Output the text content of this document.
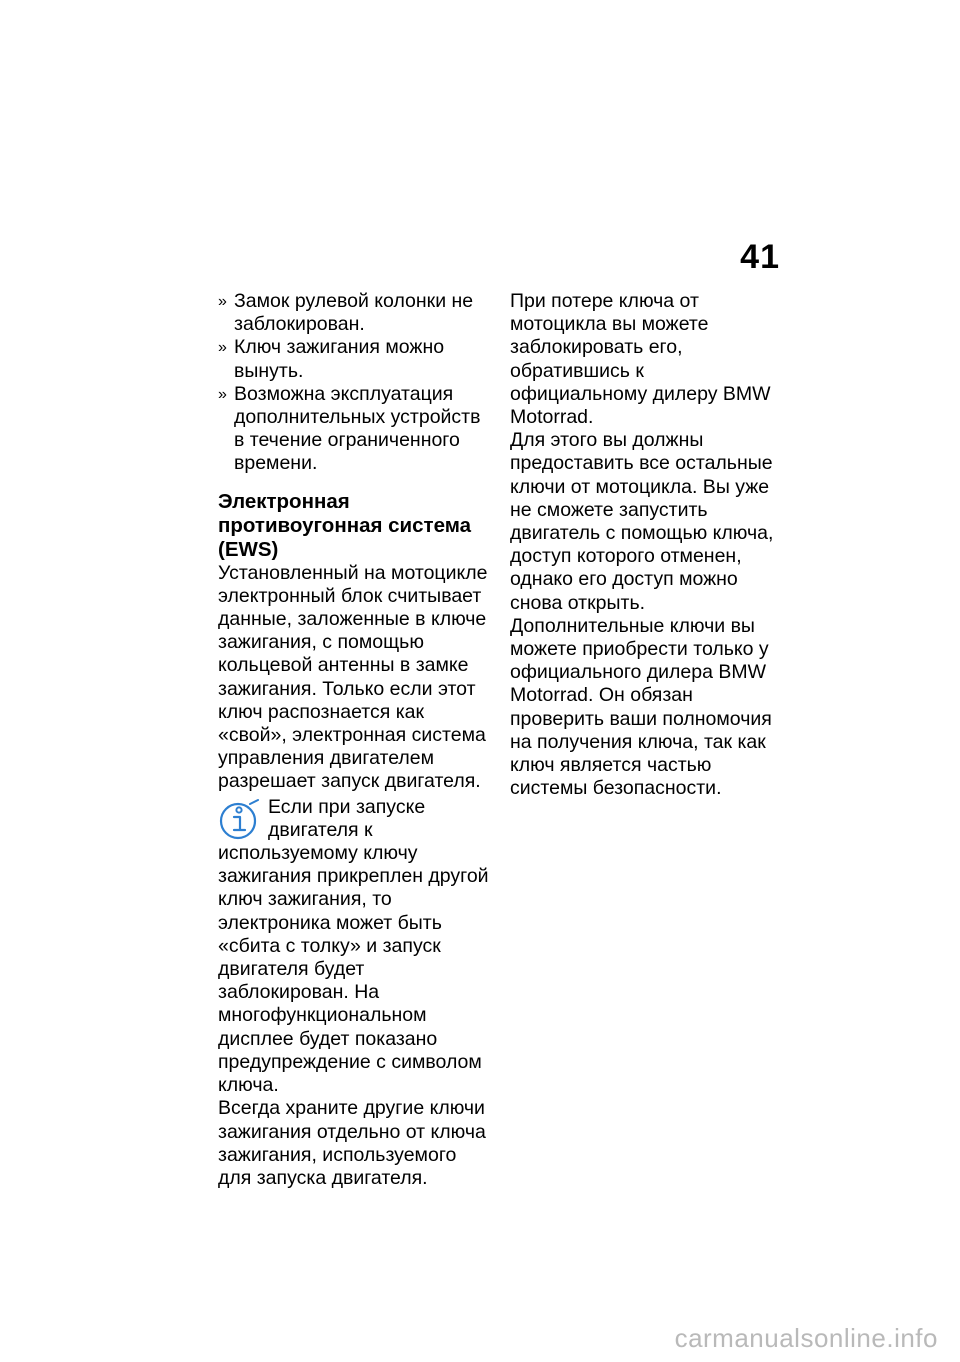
41
» Замок рулевой колонки не заблокирован.
» Ключ зажигания можно вынуть.
» Возможна эксплуатация дополнительных устройств в течение ограниченного времени.
Электронная противоугонная система (EWS)

Установленный на мотоцикле электронный блок считывает данные, заложенные в ключе зажигания, с помощью кольцевой антенны в замке зажигания. Только если этот ключ распознается как «свой», электронная система управления двигателем разрешает запуск двигателя.

Если при запуске двигателя к используемому ключу зажигания прикреплен другой ключ зажигания, то электроника может быть «сбита с толку» и запуск двигателя будет заблокирован. На многофункциональном дисплее будет показано предупреждение с символом ключа.

Всегда храните другие ключи зажигания отдельно от ключа зажигания, используемого для запуска двигателя.

При потере ключа от мотоцикла вы можете заблокировать его, обратившись к официальному дилеру BMW Motorrad.

Для этого вы должны предоставить все остальные ключи от мотоцикла. Вы уже не сможете запустить двигатель с помощью ключа, доступ которого отменен, однако его доступ можно снова открыть.

Дополнительные ключи вы можете приобрести только у официального дилера BMW Motorrad. Он обязан проверить ваши полномочия на получения ключа, так как ключ является частью системы безопасности.

carmanualsonline.info
